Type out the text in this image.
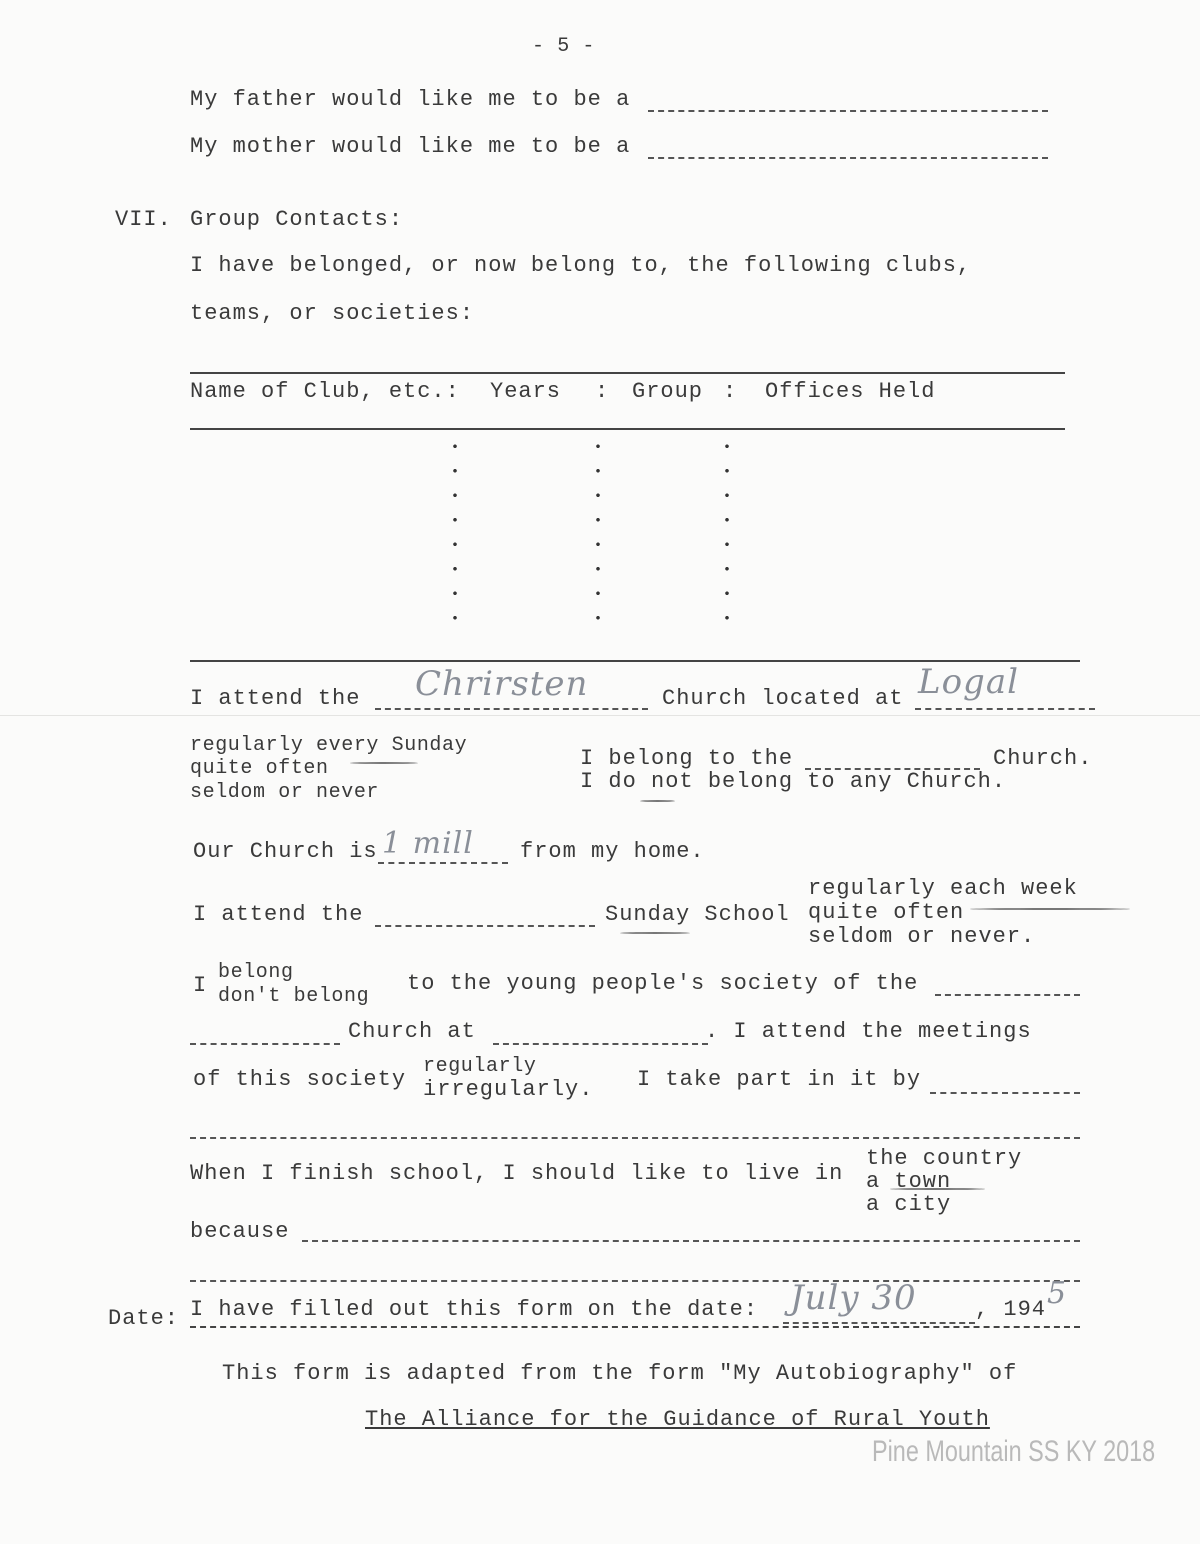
- 5 -
My father would like me to be a
My mother would like me to be a
VII. Group Contacts:
I have belonged, or now belong to, the following clubs,
teams, or societies:
Name of Club, etc.: Years : Group : Offices Held
I attend the Chrirsten	Church located at Logal
regularly every Sunday
quite often
seldom or never
I belong to the	Church.
I do not belong to any Church.
Our Church is 1 mill from my home.
I attend the	Sunday School
regularly each week
quite often
seldom or never.
I
belong
don't belong
to the young people's society of the
Church at	. I attend the meetings
of this society
regularly
irregularly. I take part in it by
When I finish school, I should like to live in
the country
a town
a city
because
Date: I have filled out this form on the date: July 30	, 194 5
This form is adapted from the form "My Autobiography" of
The Alliance for the Guidance of Rural Youth
Pine Mountain SS KY 2018
